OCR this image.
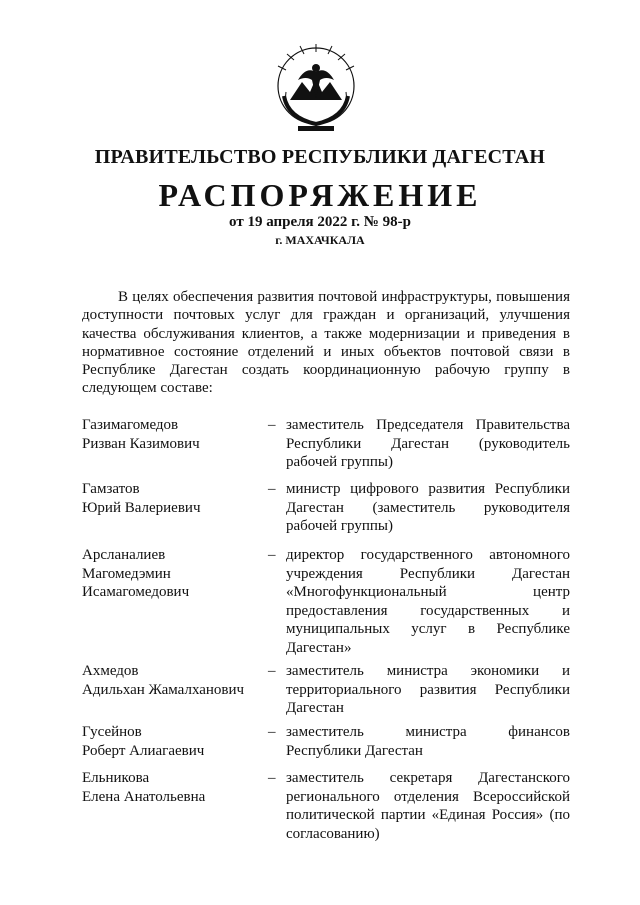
ПРАВИТЕЛЬСТВО РЕСПУБЛИКИ ДАГЕСТАН
РАСПОРЯЖЕНИЕ
от 19 апреля 2022 г. № 98-р
г. МАХАЧКАЛА

В целях обеспечения развития почтовой инфраструктуры, повышения доступности почтовых услуг для граждан и организаций, улучшения качества обслуживания клиентов, а также модернизации и приведения в нормативное состояние отделений и иных объектов почтовой связи в Республике Дагестан создать координационную рабочую группу в следующем составе:

Газимагомедов
Ризван Казимович
– заместитель Председателя Правительства Республики Дагестан (руководитель рабочей группы)
Гамзатов
Юрий Валериевич
– министр цифрового развития Республики Дагестан (заместитель руководителя рабочей группы)
Арсланалиев
Магомедэмин
Исамагомедович
– директор государственного автономного учреждения Республики Дагестан «Многофункциональный центр предоставления государственных и муниципальных услуг в Республике Дагестан»
Ахмедов
Адильхан Жамалханович
– заместитель министра экономики и территориального развития Республики Дагестан
Гусейнов
Роберт Алиагаевич
– заместитель министра финансов Республики Дагестан
Ельникова
Елена Анатольевна
– заместитель секретаря Дагестанского регионального отделения Всероссийской политической партии «Единая Россия» (по согласованию)
